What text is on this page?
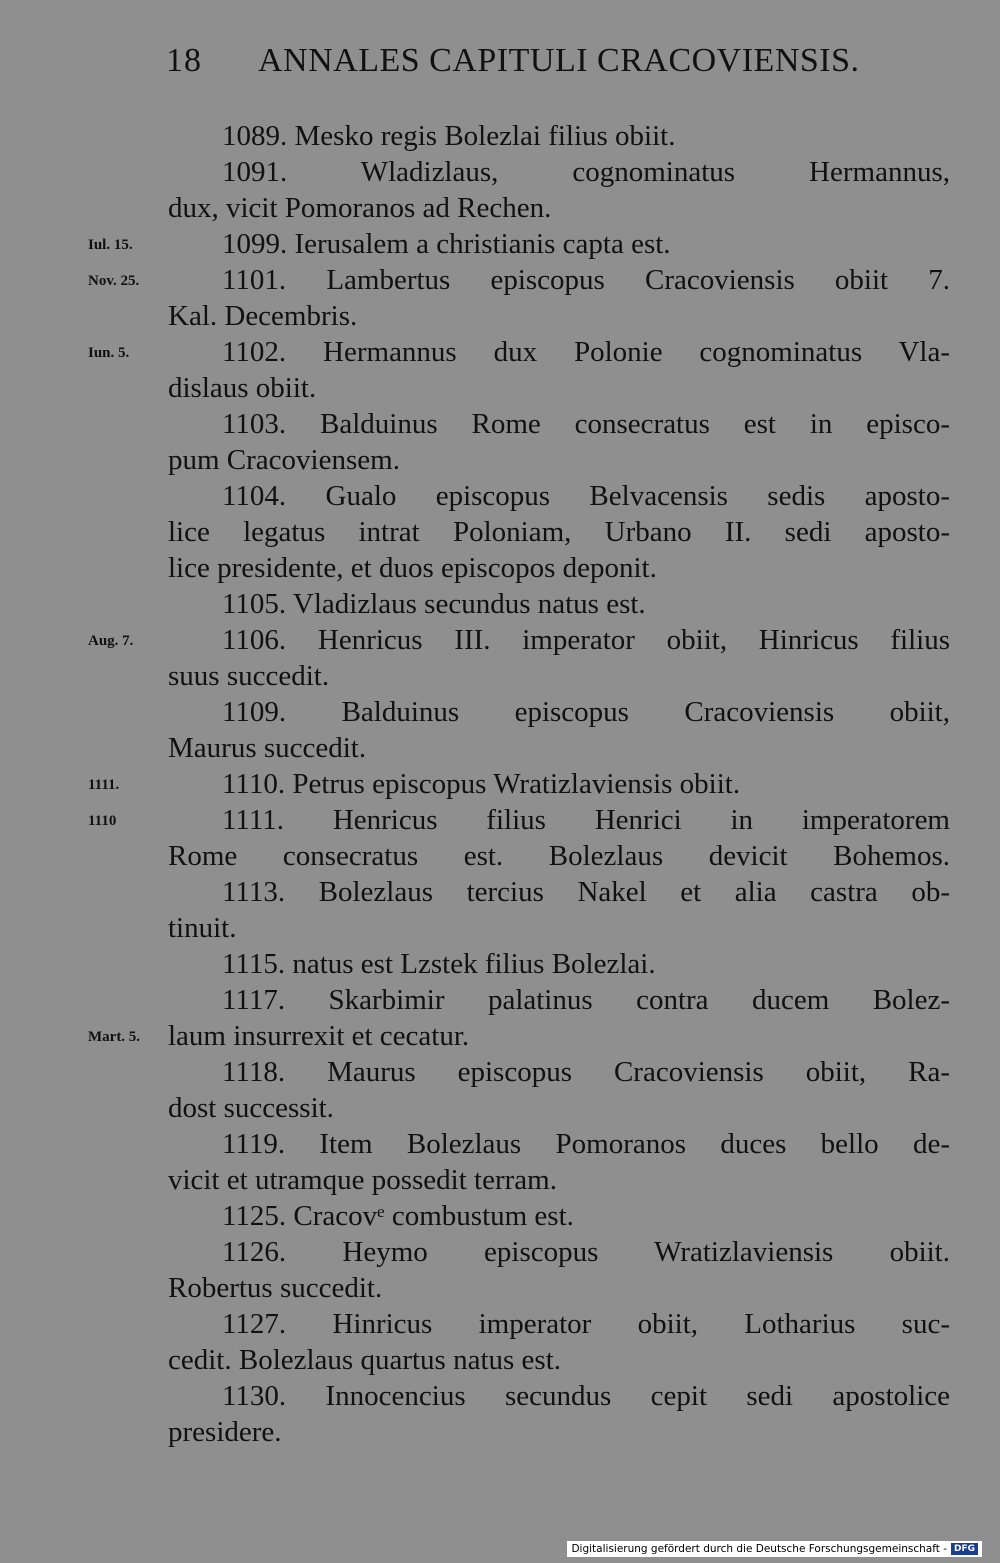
18 ANNALES CAPITULI CRACOVIENSIS.
Iul. 15.
Nov. 25.
Iun. 5.
Aug. 7.
1111.
1110
Mart. 5.
1089. Mesko regis Bolezlai filius obiit.
1091. Wladizlaus, cognominatus Hermannus,
dux, vicit Pomoranos ad Rechen.
1099. Ierusalem a christianis capta est.
1101. Lambertus episcopus Cracoviensis obiit 7.
Kal. Decembris.
1102. Hermannus dux Polonie cognominatus Vla-
dislaus obiit.
1103. Balduinus Rome consecratus est in episco-
pum Cracoviensem.
1104. Gualo episcopus Belvacensis sedis aposto-
lice legatus intrat Poloniam, Urbano II. sedi aposto-
lice presidente, et duos episcopos deponit.
1105. Vladizlaus secundus natus est.
1106. Henricus III. imperator obiit, Hinricus filius
suus succedit.
1109. Balduinus episcopus Cracoviensis obiit,
Maurus succedit.
1110. Petrus episcopus Wratizlaviensis obiit.
1111. Henricus filius Henrici in imperatorem
Rome consecratus est. Bolezlaus devicit Bohemos.
1113. Bolezlaus tercius Nakel et alia castra ob-
tinuit.
1115. natus est Lzstek filius Bolezlai.
1117. Skarbimir palatinus contra ducem Bolez-
laum insurrexit et cecatur.
1118. Maurus episcopus Cracoviensis obiit, Ra-
dost successit.
1119. Item Bolezlaus Pomoranos duces bello de-
vicit et utramque possedit terram.
1125. Cracovᵉ combustum est.
1126. Heymo episcopus Wratizlaviensis obiit.
Robertus succedit.
1127. Hinricus imperator obiit, Lotharius suc-
cedit. Bolezlaus quartus natus est.
1130. Innocencius secundus cepit sedi apostolice
presidere.
Digitalisierung gefördert durch die Deutsche Forschungsgemeinschaft - DFG
